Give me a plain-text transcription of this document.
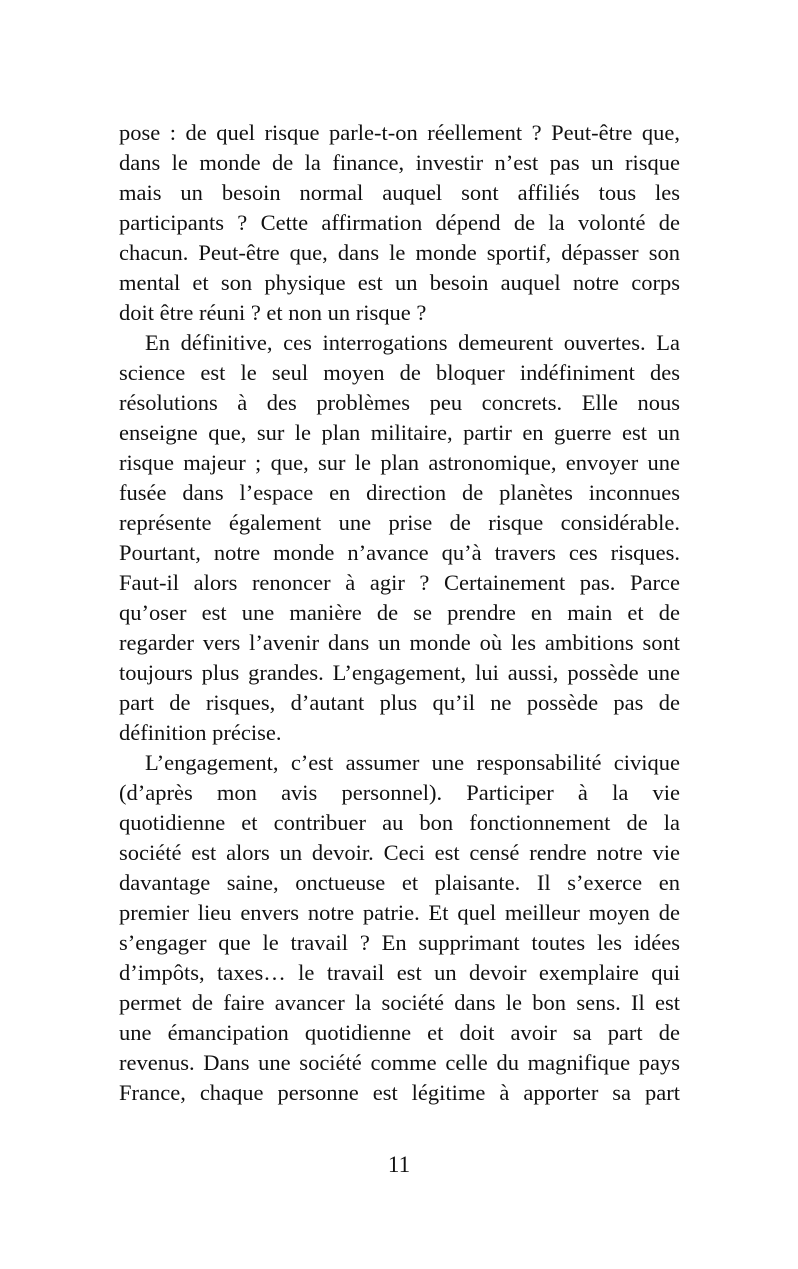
pose : de quel risque parle-t-on réellement ? Peut-être que,
dans le monde de la finance, investir n’est pas un risque
mais un besoin normal auquel sont affiliés tous les
participants ? Cette affirmation dépend de la volonté de
chacun. Peut-être que, dans le monde sportif, dépasser son
mental et son physique est un besoin auquel notre corps
doit être réuni ? et non un risque ?
En définitive, ces interrogations demeurent ouvertes. La
science est le seul moyen de bloquer indéfiniment des
résolutions à des problèmes peu concrets. Elle nous
enseigne que, sur le plan militaire, partir en guerre est un
risque majeur ; que, sur le plan astronomique, envoyer une
fusée dans l’espace en direction de planètes inconnues
représente également une prise de risque considérable.
Pourtant, notre monde n’avance qu’à travers ces risques.
Faut-il alors renoncer à agir ? Certainement pas. Parce
qu’oser est une manière de se prendre en main et de
regarder vers l’avenir dans un monde où les ambitions sont
toujours plus grandes. L’engagement, lui aussi, possède une
part de risques, d’autant plus qu’il ne possède pas de
définition précise.
L’engagement, c’est assumer une responsabilité civique
(d’après mon avis personnel). Participer à la vie
quotidienne et contribuer au bon fonctionnement de la
société est alors un devoir. Ceci est censé rendre notre vie
davantage saine, onctueuse et plaisante. Il s’exerce en
premier lieu envers notre patrie. Et quel meilleur moyen de
s’engager que le travail ? En supprimant toutes les idées
d’impôts, taxes… le travail est un devoir exemplaire qui
permet de faire avancer la société dans le bon sens. Il est
une émancipation quotidienne et doit avoir sa part de
revenus. Dans une société comme celle du magnifique pays
France, chaque personne est légitime à apporter sa part
11
